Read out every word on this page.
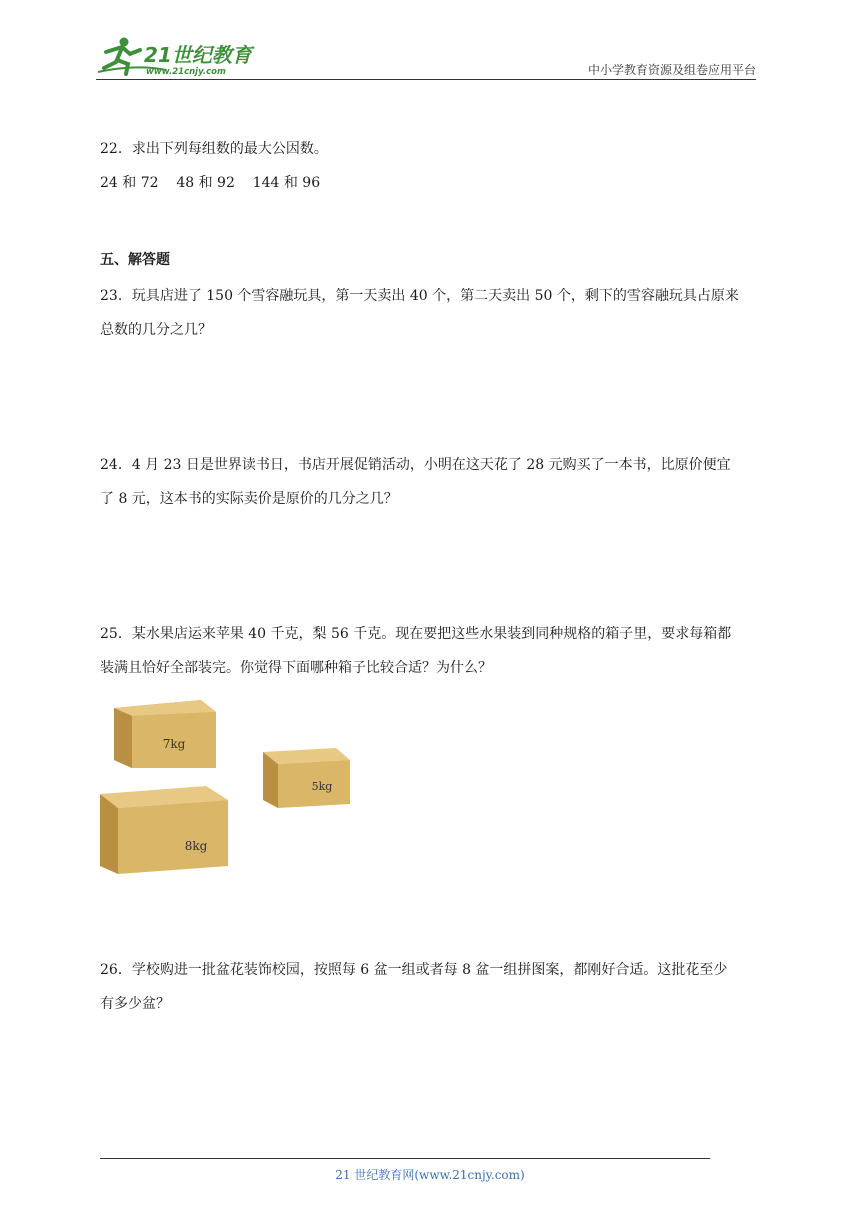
21世纪教育
www.21cnjy.com	中小学教育资源及组卷应用平台
22．求出下列每组数的最大公因数。
24 和 72    48 和 92    144 和 96
五、解答题
23．玩具店进了 150 个雪容融玩具，第一天卖出 40 个，第二天卖出 50 个，剩下的雪容融玩具占原来
总数的几分之几？
24．4 月 23 日是世界读书日，书店开展促销活动，小明在这天花了 28 元购买了一本书，比原价便宜
了 8 元，这本书的实际卖价是原价的几分之几？
25．某水果店运来苹果 40 千克，梨 56 千克。现在要把这些水果装到同种规格的箱子里，要求每箱都
装满且恰好全部装完。你觉得下面哪种箱子比较合适？为什么？
7kg
5kg
8kg
26．学校购进一批盆花装饰校园，按照每 6 盆一组或者每 8 盆一组拼图案，都刚好合适。这批花至少
有多少盆？
21 世纪教育网(www.21cnjy.com)
